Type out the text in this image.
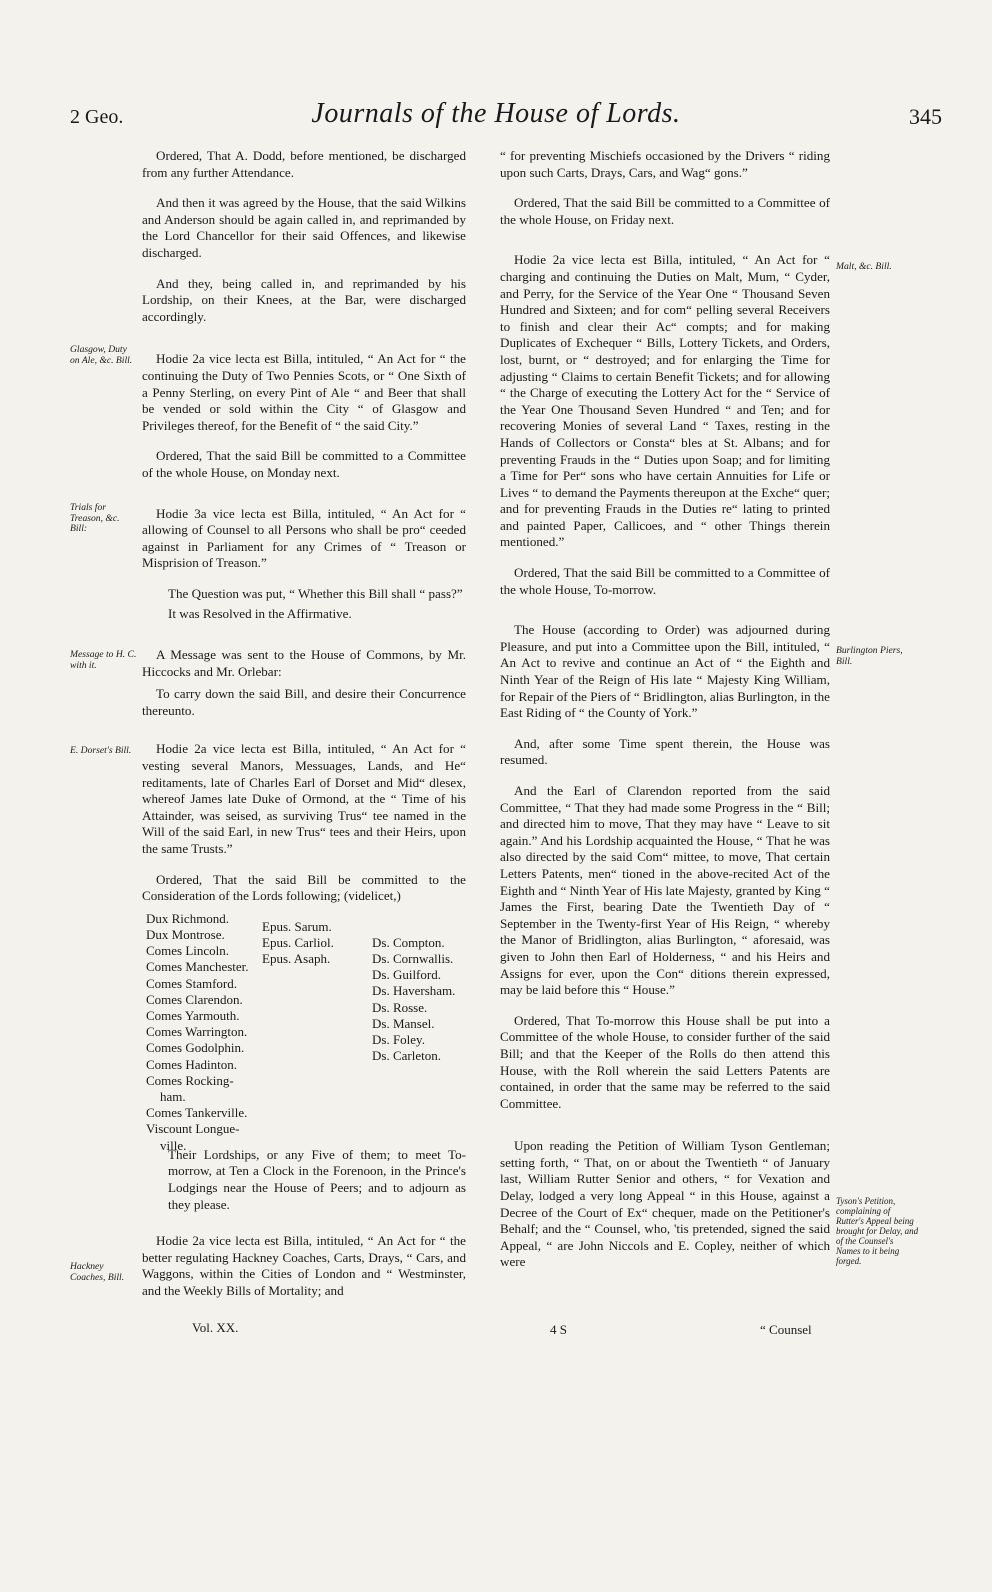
2 Geo.	Journals of the House of Lords.	345
Glasgow, Duty on Ale, &c. Bill.
Trials for Treason, &c. Bill:
Message to H. C. with it.
E. Dorset's Bill.
Hackney Coaches, Bill.
Malt, &c. Bill.
Burlington Piers, Bill.
Tyson's Petition, complaining of Rutter's Appeal being brought for Delay, and of the Counsel's Names to it being forged.

Ordered, That A. Dodd, before mentioned, be discharged from any further Attendance.

And then it was agreed by the House, that the said Wilkins and Anderson should be again called in, and reprimanded by the Lord Chancellor for their said Offences, and likewise discharged.

And they, being called in, and reprimanded by his Lordship, on their Knees, at the Bar, were discharged accordingly.

Hodie 2a vice lecta est Billa, intituled, “ An Act for “ the continuing the Duty of Two Pennies Scots, or “ One Sixth of a Penny Sterling, on every Pint of Ale “ and Beer that shall be vended or sold within the City “ of Glasgow and Privileges thereof, for the Benefit of “ the said City.”

Ordered, That the said Bill be committed to a Committee of the whole House, on Monday next.

Hodie 3a vice lecta est Billa, intituled, “ An Act for “ allowing of Counsel to all Persons who shall be pro“ ceeded against in Parliament for any Crimes of “ Treason or Misprision of Treason.”

The Question was put, “ Whether this Bill shall “ pass?”

It was Resolved in the Affirmative.

A Message was sent to the House of Commons, by Mr. Hiccocks and Mr. Orlebar:

To carry down the said Bill, and desire their Concurrence thereunto.

Hodie 2a vice lecta est Billa, intituled, “ An Act for “ vesting several Manors, Messuages, Lands, and He“ reditaments, late of Charles Earl of Dorset and Mid“ dlesex, whereof James late Duke of Ormond, at the “ Time of his Attainder, was seised, as surviving Trus“ tee named in the Will of the said Earl, in new Trus“ tees and their Heirs, upon the same Trusts.”

Ordered, That the said Bill be committed to the Consideration of the Lords following; (videlicet,)

Dux Richmond.
Dux Montrose.
Comes Lincoln.
Comes Manchester.
Comes Stamford.
Comes Clarendon.
Comes Yarmouth.
Comes Warrington.
Comes Godolphin.
Comes Hadinton.
Comes Rocking-
ham.
Comes Tankerville.
Viscount Longue-
ville.
Epus. Sarum.
Epus. Carliol.
Epus. Asaph.
Ds. Compton.
Ds. Cornwallis.
Ds. Guilford.
Ds. Haversham.
Ds. Rosse.
Ds. Mansel.
Ds. Foley.
Ds. Carleton.

Their Lordships, or any Five of them; to meet To-morrow, at Ten a Clock in the Forenoon, in the Prince's Lodgings near the House of Peers; and to adjourn as they please.

Hodie 2a vice lecta est Billa, intituled, “ An Act for “ the better regulating Hackney Coaches, Carts, Drays, “ Cars, and Waggons, within the Cities of London and “ Westminster, and the Weekly Bills of Mortality; and

“ for preventing Mischiefs occasioned by the Drivers “ riding upon such Carts, Drays, Cars, and Wag“ gons.”

Ordered, That the said Bill be committed to a Committee of the whole House, on Friday next.

Hodie 2a vice lecta est Billa, intituled, “ An Act for “ charging and continuing the Duties on Malt, Mum, “ Cyder, and Perry, for the Service of the Year One “ Thousand Seven Hundred and Sixteen; and for com“ pelling several Receivers to finish and clear their Ac“ compts; and for making Duplicates of Exchequer “ Bills, Lottery Tickets, and Orders, lost, burnt, or “ destroyed; and for enlarging the Time for adjusting “ Claims to certain Benefit Tickets; and for allowing “ the Charge of executing the Lottery Act for the “ Service of the Year One Thousand Seven Hundred “ and Ten; and for recovering Monies of several Land “ Taxes, resting in the Hands of Collectors or Consta“ bles at St. Albans; and for preventing Frauds in the “ Duties upon Soap; and for limiting a Time for Per“ sons who have certain Annuities for Life or Lives “ to demand the Payments thereupon at the Exche“ quer; and for preventing Frauds in the Duties re“ lating to printed and painted Paper, Callicoes, and “ other Things therein mentioned.”

Ordered, That the said Bill be committed to a Committee of the whole House, To-morrow.

The House (according to Order) was adjourned during Pleasure, and put into a Committee upon the Bill, intituled, “ An Act to revive and continue an Act of “ the Eighth and Ninth Year of the Reign of His late “ Majesty King William, for Repair of the Piers of “ Bridlington, alias Burlington, in the East Riding of “ the County of York.”

And, after some Time spent therein, the House was resumed.

And the Earl of Clarendon reported from the said Committee, “ That they had made some Progress in the “ Bill; and directed him to move, That they may have “ Leave to sit again.” And his Lordship acquainted the House, “ That he was also directed by the said Com“ mittee, to move, That certain Letters Patents, men“ tioned in the above-recited Act of the Eighth and “ Ninth Year of His late Majesty, granted by King “ James the First, bearing Date the Twentieth Day of “ September in the Twenty-first Year of His Reign, “ whereby the Manor of Bridlington, alias Burlington, “ aforesaid, was given to John then Earl of Holderness, “ and his Heirs and Assigns for ever, upon the Con“ ditions therein expressed, may be laid before this “ House.”

Ordered, That To-morrow this House shall be put into a Committee of the whole House, to consider further of the said Bill; and that the Keeper of the Rolls do then attend this House, with the Roll wherein the said Letters Patents are contained, in order that the same may be referred to the said Committee.

Upon reading the Petition of William Tyson Gentleman; setting forth, “ That, on or about the Twentieth “ of January last, William Rutter Senior and others, “ for Vexation and Delay, lodged a very long Appeal “ in this House, against a Decree of the Court of Ex“ chequer, made on the Petitioner's Behalf; and the “ Counsel, who, 'tis pretended, signed the said Appeal, “ are John Niccols and E. Copley, neither of which were

Vol. XX.	4 S	“ Counsel
